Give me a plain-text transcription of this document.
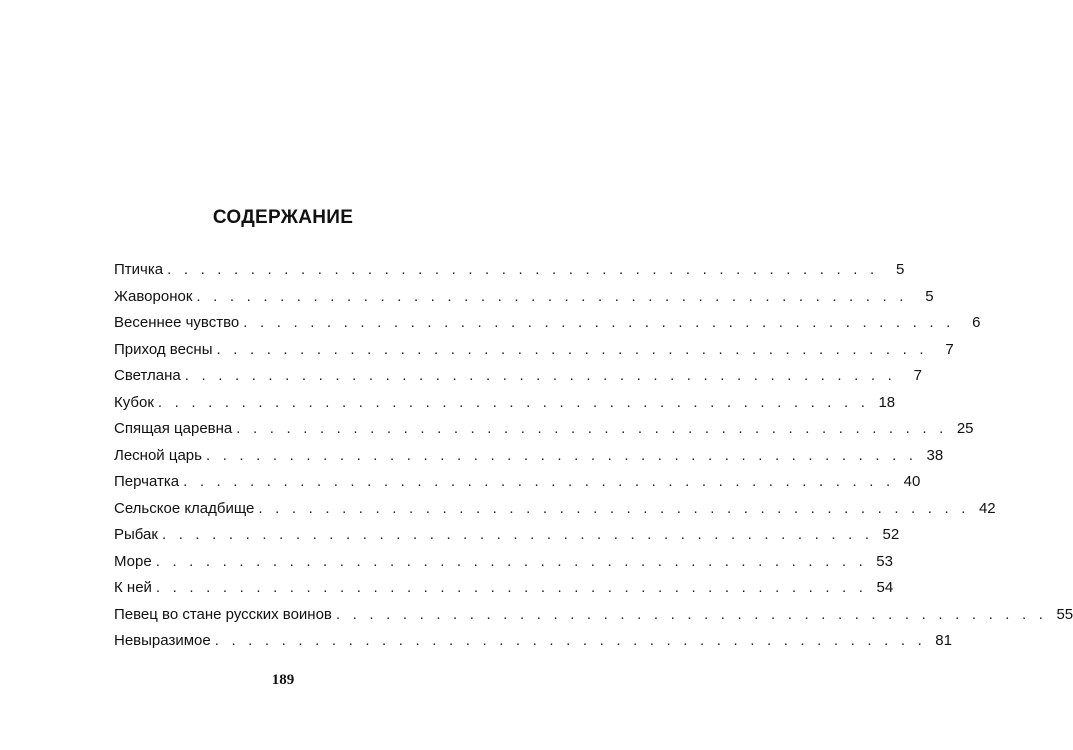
СОДЕРЖАНИЕ
Птичка . . . . . . . . . . . . . . . . . . . . . . . . . . . . . . . . . . . . . . . . . . .	5
Жаворонок . . . . . . . . . . . . . . . . . . . . . . . . . . . . . . . . . . . . . . . . . . .	5
Весеннее чувство . . . . . . . . . . . . . . . . . . . . . . . . . . . . . . . . . . . . . . . . . . .	6
Приход весны . . . . . . . . . . . . . . . . . . . . . . . . . . . . . . . . . . . . . . . . . . .	7
Светлана . . . . . . . . . . . . . . . . . . . . . . . . . . . . . . . . . . . . . . . . . . .	7
Кубок . . . . . . . . . . . . . . . . . . . . . . . . . . . . . . . . . . . . . . . . . . . 18
Спящая царевна . . . . . . . . . . . . . . . . . . . . . . . . . . . . . . . . . . . . . . . . . . . 25
Лесной царь . . . . . . . . . . . . . . . . . . . . . . . . . . . . . . . . . . . . . . . . . . . 38
Перчатка . . . . . . . . . . . . . . . . . . . . . . . . . . . . . . . . . . . . . . . . . . . 40
Сельское кладбище . . . . . . . . . . . . . . . . . . . . . . . . . . . . . . . . . . . . . . . . . . . 42
Рыбак . . . . . . . . . . . . . . . . . . . . . . . . . . . . . . . . . . . . . . . . . . . 52
Море . . . . . . . . . . . . . . . . . . . . . . . . . . . . . . . . . . . . . . . . . . . 53
К ней . . . . . . . . . . . . . . . . . . . . . . . . . . . . . . . . . . . . . . . . . . . 54
Певец во стане русских воинов . . . . . . . . . . . . . . . . . . . . . . . . . . . . . . . . . . . . . . . . . . . 55
Невыразимое . . . . . . . . . . . . . . . . . . . . . . . . . . . . . . . . . . . . . . . . . . . 81

189
